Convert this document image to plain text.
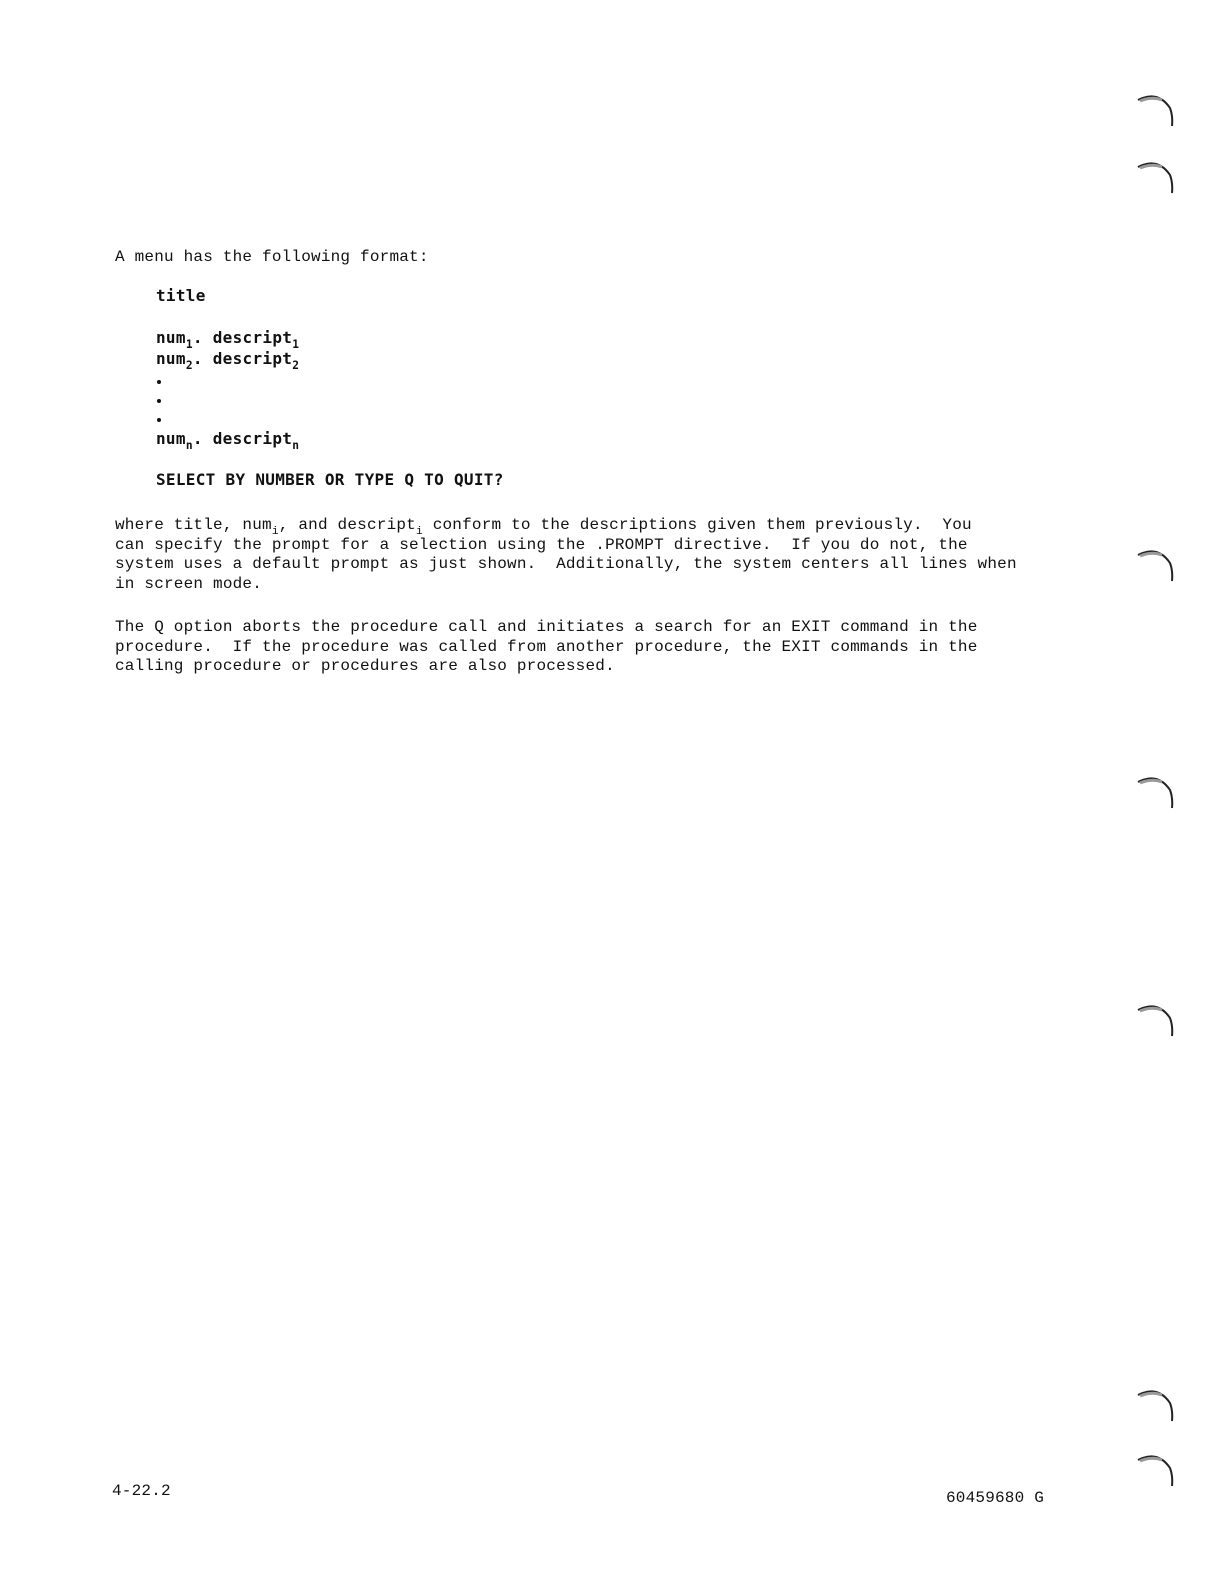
A menu has the following format:
title
num$_1$. descript$_1$
num$_2$. descript$_2$
num$_n$. descript$_n$
SELECT BY NUMBER OR TYPE Q TO QUIT?
where title, num$_i$, and descript$_i$ conform to the descriptions given them previously.  You
can specify the prompt for a selection using the .PROMPT directive.  If you do not, the
system uses a default prompt as just shown.  Additionally, the system centers all lines when
in screen mode.
The Q option aborts the procedure call and initiates a search for an EXIT command in the
procedure.  If the procedure was called from another procedure, the EXIT commands in the
calling procedure or procedures are also processed.
4-22.2	60459680 G
